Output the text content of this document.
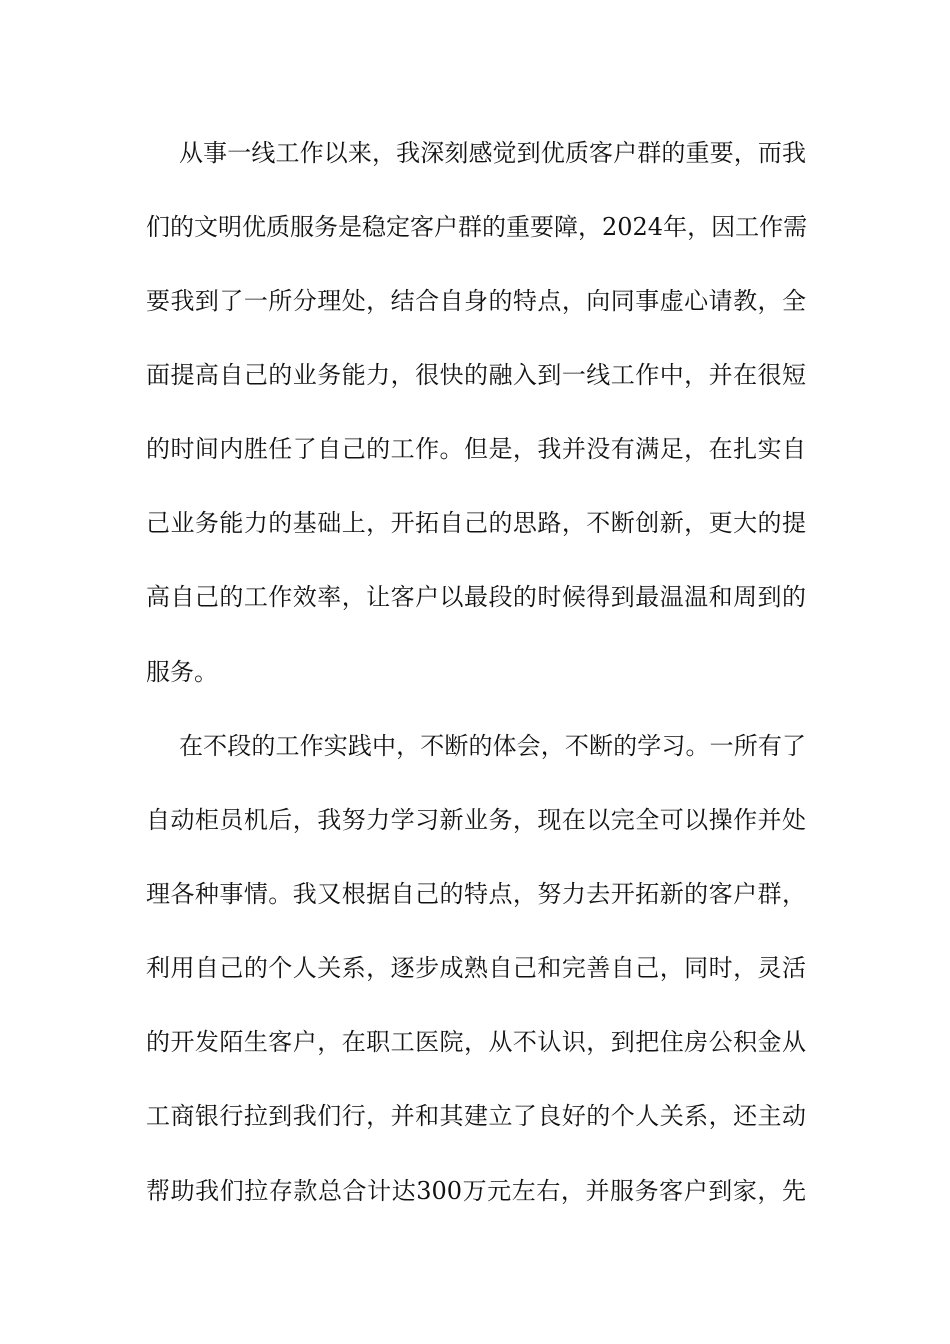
从事一线工作以来，我深刻感觉到优质客户群的重要，而我
们的文明优质服务是稳定客户群的重要障，2024年，因工作需
要我到了一所分理处，结合自身的特点，向同事虚心请教，全
面提高自己的业务能力，很快的融入到一线工作中，并在很短
的时间内胜任了自己的工作。但是，我并没有满足，在扎实自
己业务能力的基础上，开拓自己的思路，不断创新，更大的提
高自己的工作效率，让客户以最段的时候得到最温温和周到的
服务。
在不段的工作实践中，不断的体会，不断的学习。一所有了
自动柜员机后，我努力学习新业务，现在以完全可以操作并处
理各种事情。我又根据自己的特点，努力去开拓新的客户群，
利用自己的个人关系，逐步成熟自己和完善自己，同时，灵活
的开发陌生客户，在职工医院，从不认识，到把住房公积金从
工商银行拉到我们行，并和其建立了良好的个人关系，还主动
帮助我们拉存款总合计达300万元左右，并服务客户到家，先
